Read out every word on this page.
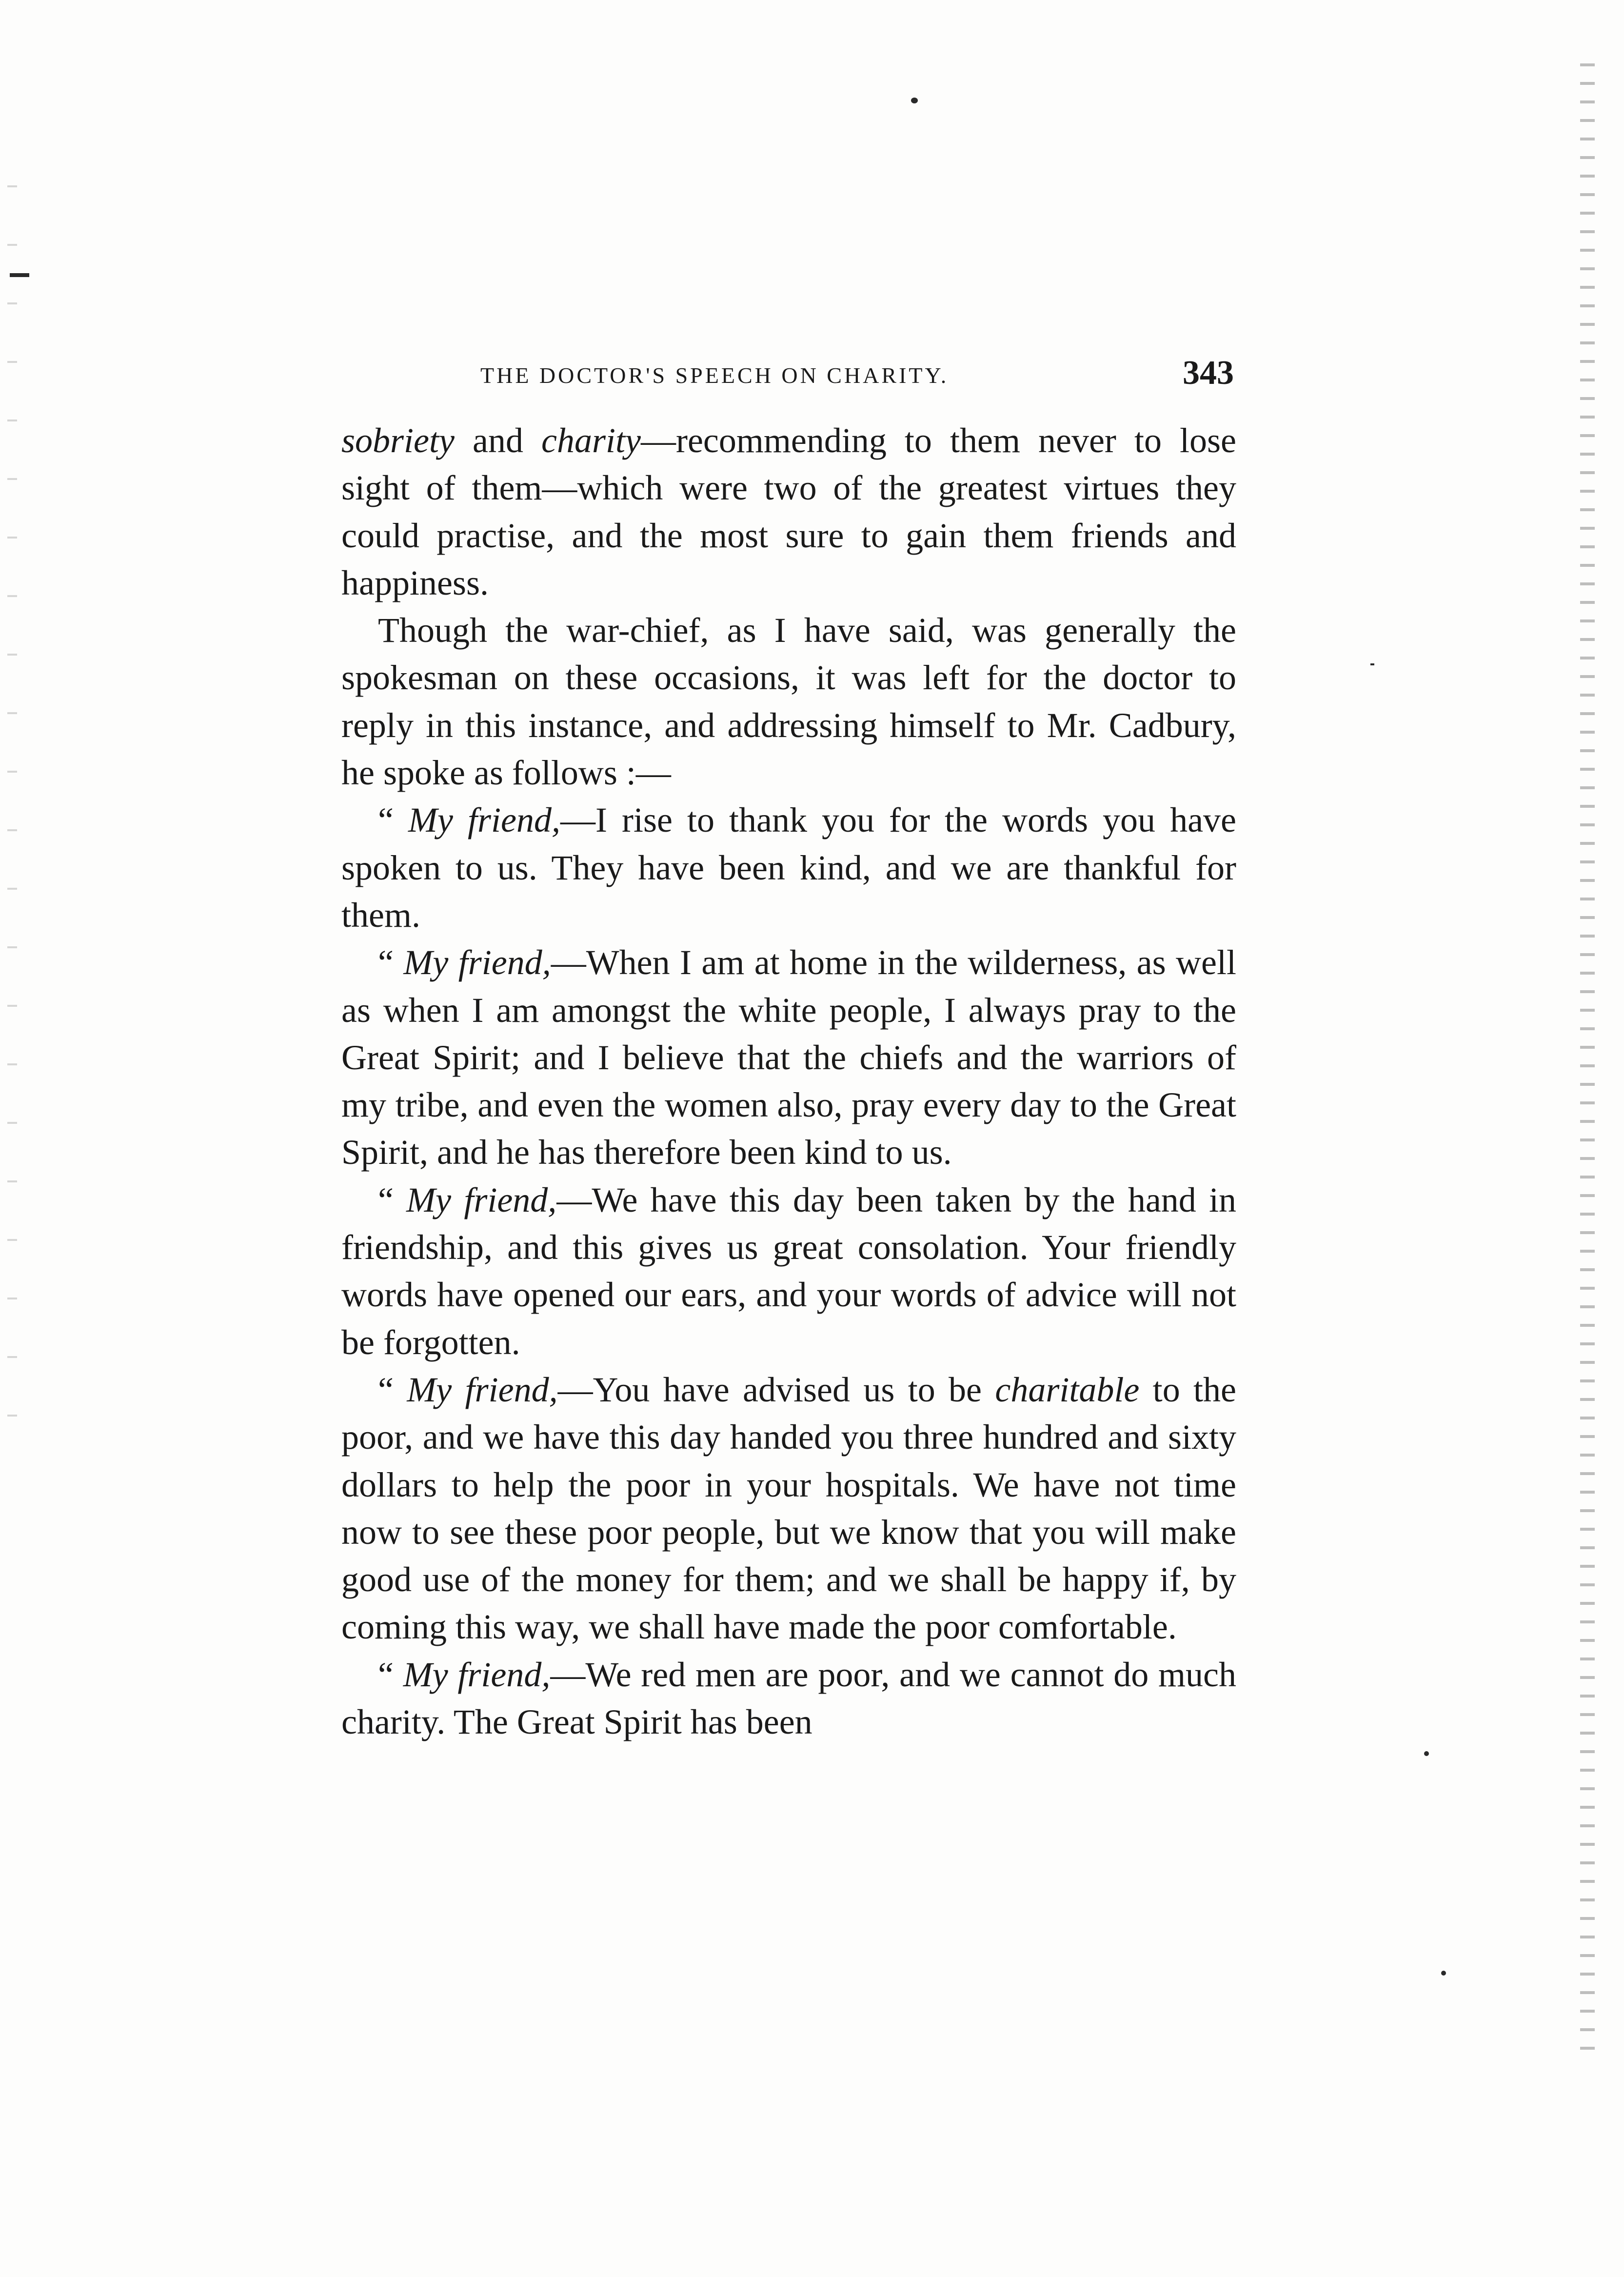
THE DOCTOR'S SPEECH ON CHARITY.	343

sobriety and charity—recommending to them never to lose sight of them—which were two of the greatest virtues they could practise, and the most sure to gain them friends and happiness.

Though the war-chief, as I have said, was generally the spokesman on these occasions, it was left for the doctor to reply in this instance, and addressing himself to Mr. Cadbury, he spoke as follows :—

“ My friend,—I rise to thank you for the words you have spoken to us. They have been kind, and we are thankful for them.

“ My friend,—When I am at home in the wilderness, as well as when I am amongst the white people, I always pray to the Great Spirit; and I believe that the chiefs and the warriors of my tribe, and even the women also, pray every day to the Great Spirit, and he has therefore been kind to us.

“ My friend,—We have this day been taken by the hand in friendship, and this gives us great consolation. Your friendly words have opened our ears, and your words of advice will not be forgotten.

“ My friend,—You have advised us to be charitable to the poor, and we have this day handed you three hundred and sixty dollars to help the poor in your hospitals. We have not time now to see these poor people, but we know that you will make good use of the money for them; and we shall be happy if, by coming this way, we shall have made the poor comfortable.

“ My friend,—We red men are poor, and we cannot do much charity. The Great Spirit has been
